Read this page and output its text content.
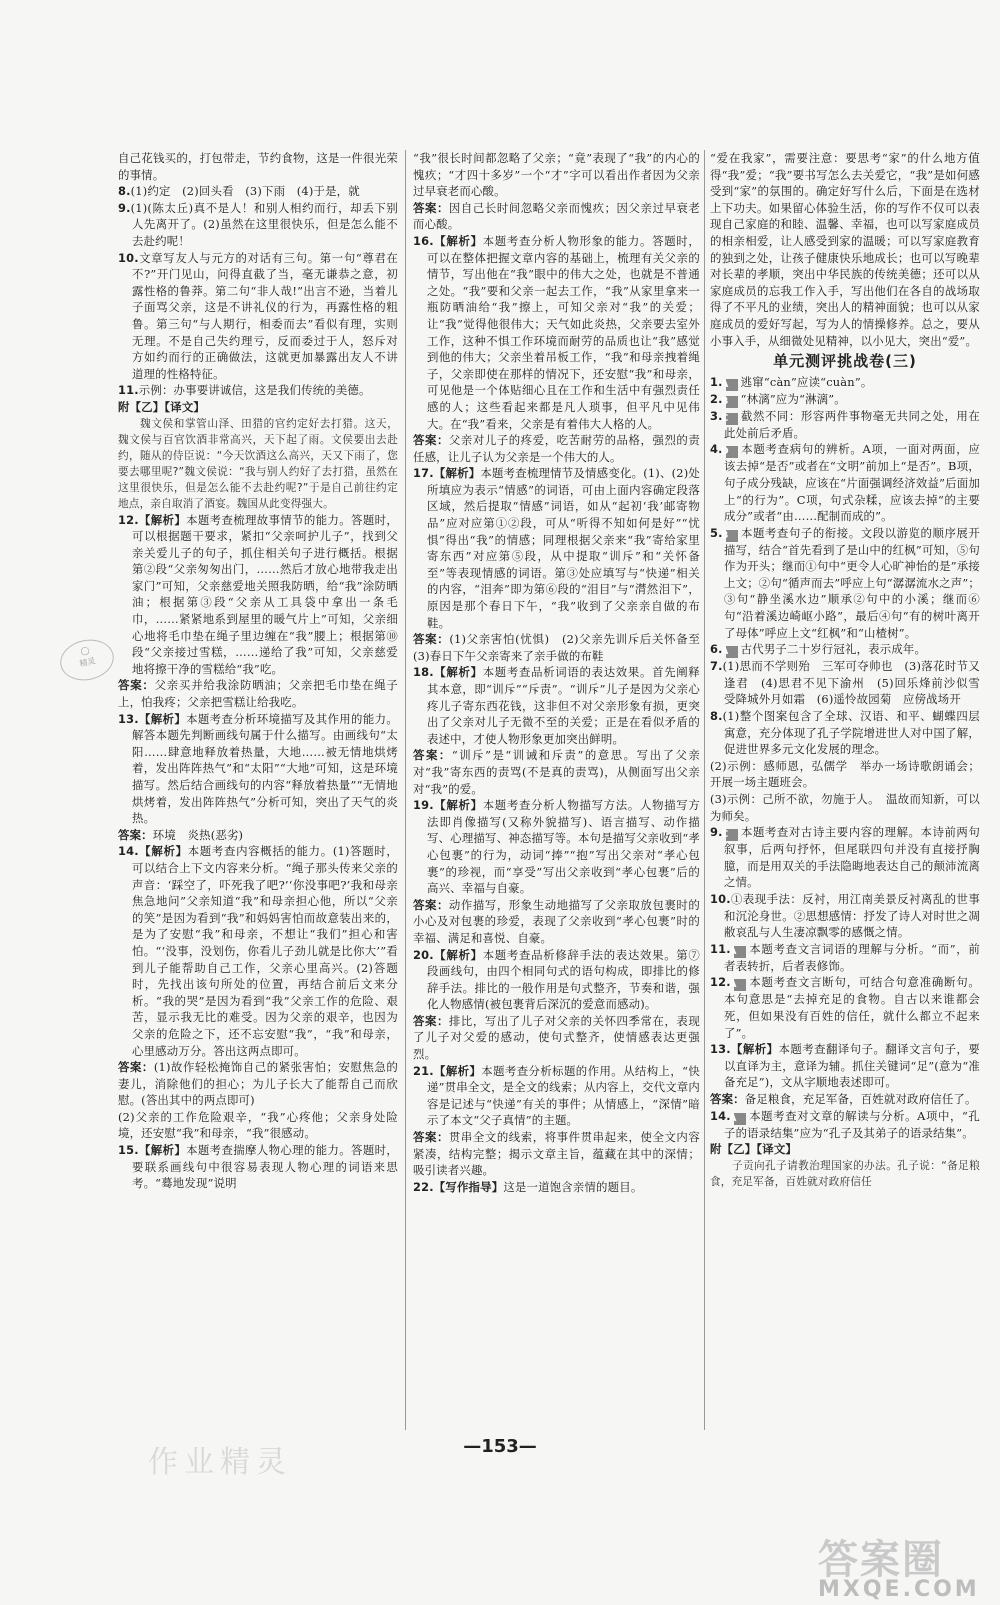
自己花钱买的，打包带走，节约食物，这是一件很光荣的事情。
8.(1)约定　(2)回头看　(3)下雨　(4)于是，就
9.(1)(陈太丘)真不是人！和别人相约而行，却丢下别人先离开了。(2)虽然在这里很快乐，但是怎么能不去赴约呢！
10.文章写友人与元方的对话有三句。第一句“尊君在不?”开门见山，问得直截了当，毫无谦恭之意，初露性格的鲁莽。第二句“非人哉!”出言不逊，当着儿子面骂父亲，这是不讲礼仪的行为，再露性格的粗鲁。第三句“与人期行，相委而去”看似有理，实则无理。不是自己失约理亏，反而委过于人，怒斥对方如约而行的正确做法，这就更加暴露出友人不讲道理的性格特征。
11.示例：办事要讲诚信，这是我们传统的美德。
附【乙】【译文】
魏文侯和掌管山泽、田猎的官约定好去打猎。这天，魏文侯与百官饮酒非常高兴，天下起了雨。文侯要出去赴约，随从的侍臣说：“今天饮酒这么高兴，天又下雨了，您要去哪里呢?”魏文侯说：“我与别人约好了去打猎，虽然在这里很快乐，但是怎么能不去赴约呢?”于是自己前往约定地点，亲自取消了酒宴。魏国从此变得强大。
12.【解析】本题考查梳理故事情节的能力。答题时，可以根据题干要求，紧扣“父亲呵护儿子”，找到父亲关爱儿子的句子，抓住相关句子进行概括。根据第②段“父亲匆匆出门，……然后才放心地带我走出家门”可知，父亲慈爱地关照我防晒，给“我”涂防晒油；根据第③段“父亲从工具袋中拿出一条毛巾，……紧紧地系到屋里的暖气片上”可知，父亲细心地将毛巾垫在绳子里边缠在“我”腰上；根据第⑩段“父亲接过雪糕，……递给了我”可知，父亲慈爱地将擦干净的雪糕给“我”吃。
答案：父亲买并给我涂防晒油；父亲把毛巾垫在绳子上，怕我疼；父亲把雪糕让给我吃。
13.【解析】本题考查分析环境描写及其作用的能力。解答本题先判断画线句属于什么描写。由画线句“太阳……肆意地释放着热量，大地……被无情地烘烤着，发出阵阵热气”和“太阳”“大地”可知，这是环境描写。然后结合画线句的内容“释放着热量”“无情地烘烤着，发出阵阵热气”分析可知，突出了天气的炎热。
答案：环境　炎热(恶劣)
14.【解析】本题考查内容概括的能力。(1)答题时，可以结合上下文内容来分析。“绳子那头传来父亲的声音：‘踩空了，吓死我了吧?’‘你没事吧?’我和母亲焦急地问”父亲知道“我”和母亲担心他，所以“父亲的笑”是因为看到“我”和妈妈害怕而故意装出来的，是为了安慰“我”和母亲，不想让“我们”担心和害怕。“‘没事，没划伤，你看儿子劲儿就是比你大’”看到儿子能帮助自己工作，父亲心里高兴。(2)答题时，先找出该句所处的位置，再结合前后文来分析。“我的哭”是因为看到“我”父亲工作的危险、艰苦，显示我无比的难受。因为父亲的艰辛，也因为父亲的危险之下，还不忘安慰“我”，“我”和母亲，心里感动万分。答出这两点即可。
答案：(1)故作轻松掩饰自己的紧张害怕；安慰焦急的妻儿，消除他们的担心；为儿子长大了能帮自己而欣慰。(答出其中的两点即可)
(2)父亲的工作危险艰辛，“我”心疼他；父亲身处险境，还安慰“我”和母亲，“我”很感动。
15.【解析】本题考查揣摩人物心理的能力。答题时，要联系画线句中很容易表现人物心理的词语来思考。“蓦地发现”说明
“我”很长时间都忽略了父亲；“竟”表现了“我”的内心的愧疚；“才四十多岁”一个“才”字可以看出作者因为父亲过早衰老而心酸。
答案：因自己长时间忽略父亲而愧疚；因父亲过早衰老而心酸。
16.【解析】本题考查分析人物形象的能力。答题时，可以在整体把握文章内容的基础上，梳理有关父亲的情节，写出他在“我”眼中的伟大之处，也就是不普通之处。“我”要和父亲一起去工作，“我”从家里拿来一瓶防晒油给“我”擦上，可知父亲对“我”的关爱；让“我”觉得他很伟大；天气如此炎热，父亲要去室外工作，这种不惧工作环境而耐劳的品质也让“我”感觉到他的伟大；父亲坐着吊板工作，“我”和母亲拽着绳子，父亲即使在那样的情况下，还安慰“我”和母亲，可见他是一个体贴细心且在工作和生活中有强烈责任感的人；这些看起来都是凡人琐事，但平凡中见伟大。在“我”看来，父亲是有着伟大人格的人。
答案：父亲对儿子的疼爱，吃苦耐劳的品格，强烈的责任感，让儿子认为父亲是一个伟大的人。
17.【解析】本题考查梳理情节及情感变化。(1)、(2)处所填应为表示“情感”的词语，可由上面内容确定段落区域，然后提取“情感”词语，如从“起初‘我’邮寄物品”应对应第①②段，可从“听得不知如何是好”“忧惧”得出“我”的情感；同理根据父亲来“我”寄给家里寄东西”对应第⑤段，从中提取“训斥”和“关怀备至”等表现情感的词语。第③处应填写与“快递”相关的内容，“泪奔”即为第⑥段的“泪目”与“潸然泪下”，原因是那个春日下午，“我”收到了父亲亲自做的布鞋。
答案：(1)父亲害怕(忧惧)　(2)父亲先训斥后关怀备至　(3)春日下午父亲寄来了亲手做的布鞋
18.【解析】本题考查品析词语的表达效果。首先阐释其本意，即“训斥”“斥责”。“训斥”儿子是因为父亲心疼儿子寄东西花钱，这非但不对父亲形象有损，更突出了父亲对儿子无微不至的关爱；正是在看似矛盾的表述中，才使人物形象更加突出鲜明。
答案：“训斥”是“训诫和斥责”的意思。写出了父亲对“我”寄东西的责骂(不是真的责骂)，从侧面写出父亲对“我”的爱。
19.【解析】本题考查分析人物描写方法。人物描写方法即肖像描写(又称外貌描写)、语言描写、动作描写、心理描写、神态描写等。本句是描写父亲收到“孝心包裹”的行为，动词“捧”“抱”写出父亲对“孝心包裹”的珍视，而“享受”写出父亲收到“孝心包裹”后的高兴、幸福与自豪。
答案：动作描写，形象生动地描写了父亲取放包裹时的小心及对包裹的珍爱，表现了父亲收到“孝心包裹”时的幸福、满足和喜悦、自豪。
20.【解析】本题考查品析修辞手法的表达效果。第⑦段画线句，由四个相同句式的语句构成，即排比的修辞手法。排比的一般作用是句式整齐，节奏和谐，强化人物感情(被包裹背后深沉的爱意而感动)。
答案：排比，写出了儿子对父亲的关怀四季常在，表现了儿子对父爱的感动，使句式整齐，使情感表达更强烈。
21.【解析】本题考查分析标题的作用。从结构上，“快递”贯串全文，是全文的线索；从内容上，交代文章内容是记述与“快递”有关的事件；从情感上，“深情”暗示了本文“父子真情”的主题。
答案：贯串全文的线索，将事件贯串起来，使全文内容紧凑，结构完整；揭示文章主旨，蕴藏在其中的深情；吸引读者兴趣。
22.【写作指导】这是一道饱含亲情的题目。
“爱在我家”，需要注意：要思考“家”的什么地方值得“我”爱；“我”要书写怎么去关爱它，“我”是如何感受到“家”的氛围的。确定好写什么后，下面是在选材上下功夫。如果留心体验生活，你的写作不仅可以表现自己家庭的和睦、温馨、幸福，也可以写家庭成员的相亲相爱，让人感受到家的温暖；可以写家庭教育的独到之处，让孩子健康快乐地成长；也可以写晚辈对长辈的孝顺，突出中华民族的传统美德；还可以从家庭成员的忘我工作入手，写出他们在各自的战场取得了不平凡的业绩，突出人的精神面貌；也可以从家庭成员的爱好写起，写为人的情操修养。总之，要从小事入手，从细微处见精神，以小见大，突出“爱”。
单元测评挑战卷(三)
1.A 逃窜“càn”应读“cuàn”。
2.B “林漓”应为“淋漓”。
3.C 截然不同：形容两件事物毫无共同之处，用在此处前后矛盾。
4.D 本题考查病句的辨析。A项，一面对两面，应该去掉“是否”或者在“文明”前加上“是否”。B项，句子成分残缺，应该在“片面强调经济效益”后面加上“的行为”。C项，句式杂糅，应该去掉“的主要成分”或者“由……配制而成的”。
5.B 本题考查句子的衔接。文段以游览的顺序展开描写，结合“首先看到了是山中的红枫”可知，⑤句作为开头；继而①句中“更令人心旷神怡的是”承接上文；②句“循声而去”呼应上句“潺潺流水之声”；③句“静坐溪水边”顺承②句中的小溪；继而⑥句“沿着溪边崎岖小路”，最后④句“有的树叶离开了母体”呼应上文“红枫”和“山楂树”。
6.A 古代男子二十岁行冠礼，表示成年。
7.(1)思而不学则殆　三军可夺帅也　(3)落花时节又逢君　(4)思君不见下渝州　(5)回乐烽前沙似雪　受降城外月如霜　(6)遥怜故园菊　应傍战场开
8.(1)整个图案包含了全球、汉语、和平、蝴蝶四层寓意，充分体现了孔子学院增进世人对中国了解，促进世界多元文化发展的理念。
(2)示例：感师恩，弘儒学　举办一场诗歌朗诵会；开展一场主题班会。
(3)示例：己所不欲，勿施于人。　温故而知新，可以为师矣。
9.C 本题考查对古诗主要内容的理解。本诗前两句叙事，后两句抒怀，但尾联四句并没有直接抒胸臆，而是用双关的手法隐晦地表达自己的颠沛流离之情。
10.①表现手法：反衬，用江南美景反衬离乱的世事和沉沦身世。②思想感情：抒发了诗人对时世之凋敝哀乱与人生凄凉飘零的感慨之情。
11.A 本题考查文言词语的理解与分析。“而”，前者表转折，后者表修饰。
12.A 本题考查文言断句，可结合句意准确断句。本句意思是“去掉充足的食物。自古以来谁都会死，但如果没有百姓的信任，就什么都立不起来了”。
13.【解析】本题考查翻译句子。翻译文言句子，要以直译为主，意译为辅。抓住关键词“足”(意为“准备充足”)，文从字顺地表述即可。
答案：备足粮食，充足军备，百姓就对政府信任了。
14.A 本题考查对文章的解读与分析。A项中，“孔子的语录结集”应为“孔子及其弟子的语录结集”。
附【乙】【译文】
子贡向孔子请教治理国家的办法。孔子说：“备足粮食，充足军备，百姓就对政府信任
◯
精灵
作业精灵	—153—
答案圈
MXQE.COM
